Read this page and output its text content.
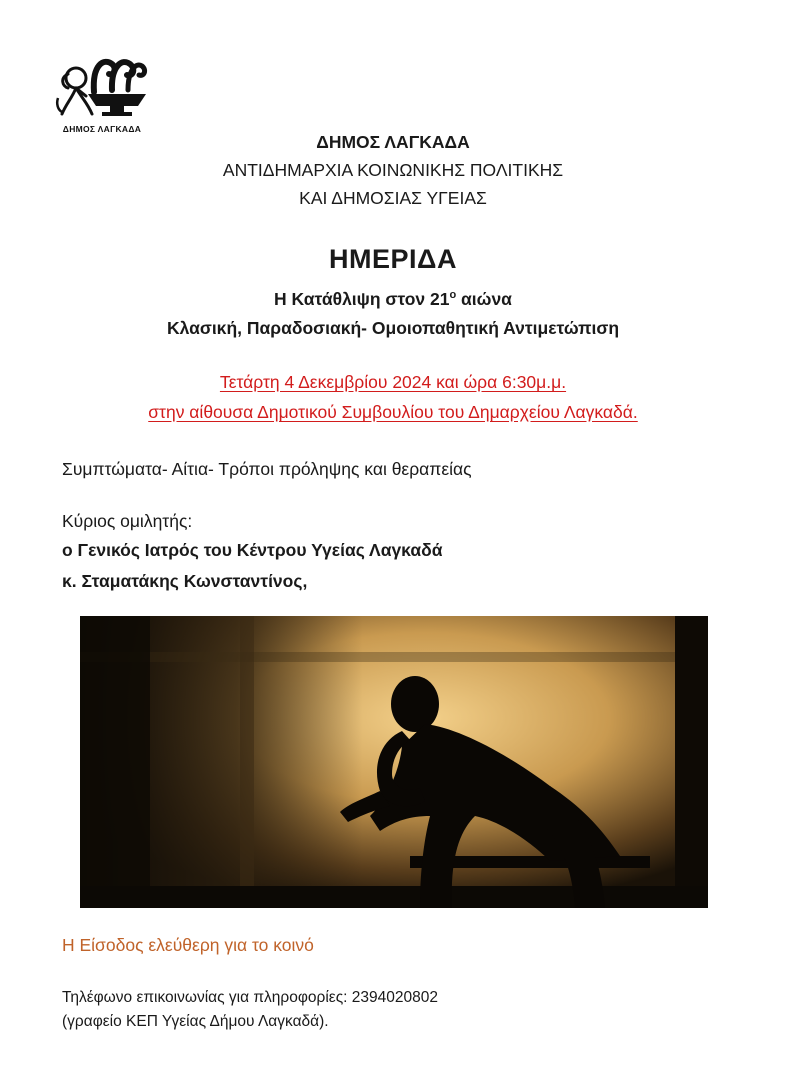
ΔΗΜΟΣ ΛΑΓΚΑΔΑ
ΔΗΜΟΣ ΛΑΓΚΑΔΑ
ΑΝΤΙΔΗΜΑΡΧΙΑ ΚΟΙΝΩΝΙΚΗΣ ΠΟΛΙΤΙΚΗΣ
ΚΑΙ ΔΗΜΟΣΙΑΣ ΥΓΕΙΑΣ
ΗΜΕΡΙΔΑ
Η Κατάθλιψη στον $21^o$ αιώνα
Κλασική, Παραδοσιακή- Ομοιοπαθητική Αντιμετώπιση
Τετάρτη 4 Δεκεμβρίου 2024 και ώρα 6:30μ.μ.
στην αίθουσα Δημοτικού Συμβουλίου του Δημαρχείου Λαγκαδά.
Συμπτώματα- Αίτια- Τρόποι πρόληψης και θεραπείας
Κύριος ομιλητής:
ο Γενικός Ιατρός του Κέντρου Υγείας Λαγκαδά
κ. Σταματάκης Κωνσταντίνος,
Η Είσοδος ελεύθερη για το κοινό
Τηλέφωνο επικοινωνίας για πληροφορίες: 2394020802
(γραφείο ΚΕΠ Υγείας Δήμου Λαγκαδά).
